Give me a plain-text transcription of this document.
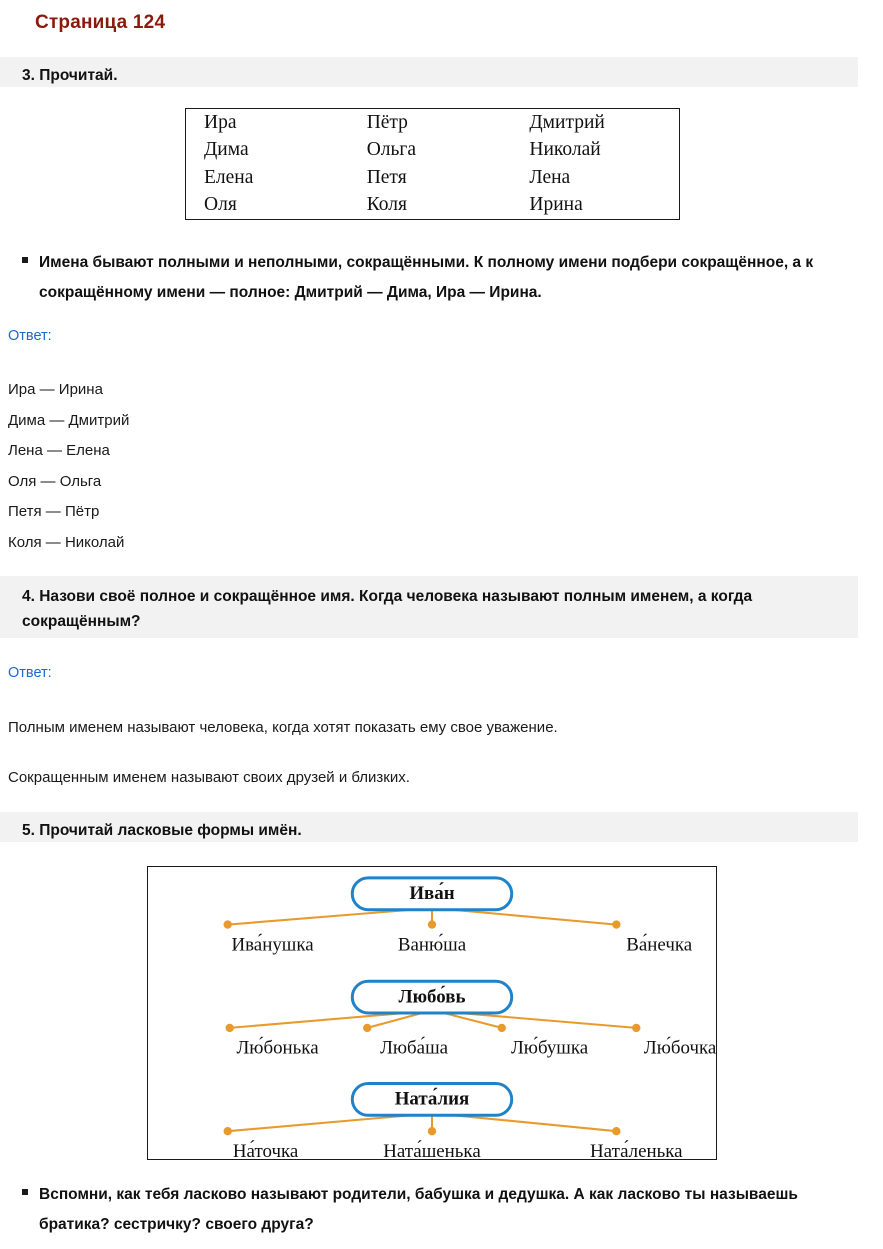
Страница 124
3. Прочитай.
Ира	Пётр	Дмитрий
Дима	Ольга	Николай
Елена	Петя	Лена
Оля	Коля	Ирина
Имена бывают полными и неполными, сокращёнными. К полному имени подбери сокращённое, а к сокращённому имени — полное: Дмитрий — Дима, Ира — Ирина.
Ответ:
Ира — Ирина
Дима — Дмитрий
Лена — Елена
Оля — Ольга
Петя — Пётр
Коля — Николай
4. Назови своё полное и сокращённое имя. Когда человека называют полным именем, а когда сокращённым?
Ответ:
Полным именем называют человека, когда хотят показать ему свое уважение.
Сокращенным именем называют своих друзей и близких.
5. Прочитай ласковые формы имён.
Ива́н
Ива́нушка	Ваню́ша	Ва́нечка
Любо́вь
Лю́бонька	Люба́ша	Лю́бушка	Лю́бочка
Ната́лия
На́точка	Ната́шенька	Ната́ленька
Вспомни, как тебя ласково называют родители, бабушка и дедушка. А как ласково ты называешь братика? сестричку? своего друга?
